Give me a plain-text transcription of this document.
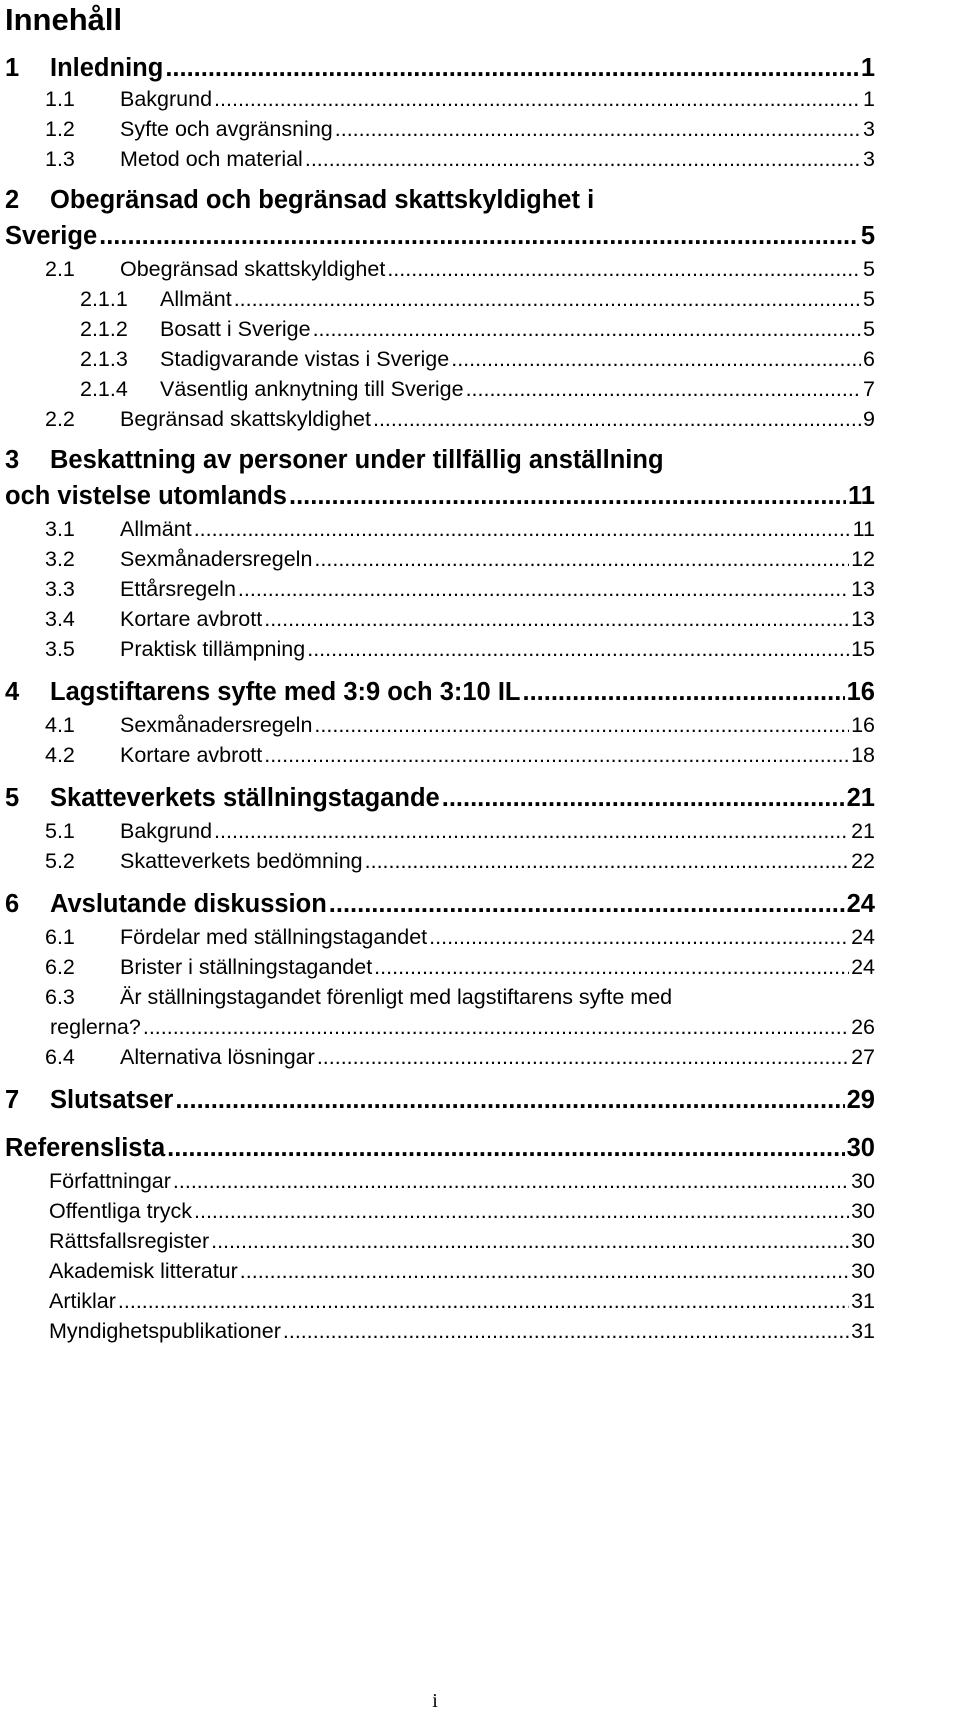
Innehåll
1	Inledning .....	1
1.1	Bakgrund .....	1
1.2	Syfte och avgränsning .....	3
1.3	Metod och material .....	3
2 Obegränsad och begränsad skattskyldighet i
Sverige .....	5
2.1	Obegränsad skattskyldighet .....	5
2.1.1	Allmänt .....	5
2.1.2	Bosatt i Sverige .....	5
2.1.3	Stadigvarande vistas i Sverige .....	6
2.1.4	Väsentlig anknytning till Sverige .....	7
2.2	Begränsad skattskyldighet .....	9
3 Beskattning av personer under tillfällig anställning
och vistelse utomlands .....	11
3.1	Allmänt .....	11
3.2	Sexmånadersregeln .....	12
3.3	Ettårsregeln .....	13
3.4	Kortare avbrott .....	13
3.5	Praktisk tillämpning .....	15
4	Lagstiftarens syfte med 3:9 och 3:10 IL .....	16
4.1	Sexmånadersregeln .....	16
4.2	Kortare avbrott .....	18
5	Skatteverkets ställningstagande .....	21
5.1	Bakgrund .....	21
5.2	Skatteverkets bedömning .....	22
6	Avslutande diskussion .....	24
6.1	Fördelar med ställningstagandet .....	24
6.2	Brister i ställningstagandet .....	24
6.3 Är ställningstagandet förenligt med lagstiftarens syfte med
reglerna? .....	26
6.4	Alternativa lösningar .....	27
7	Slutsatser .....	29
Referenslista .....	30
Författningar .....	30
Offentliga tryck .....	30
Rättsfallsregister .....	30
Akademisk litteratur .....	30
Artiklar .....	31
Myndighetspublikationer .....	31
i
